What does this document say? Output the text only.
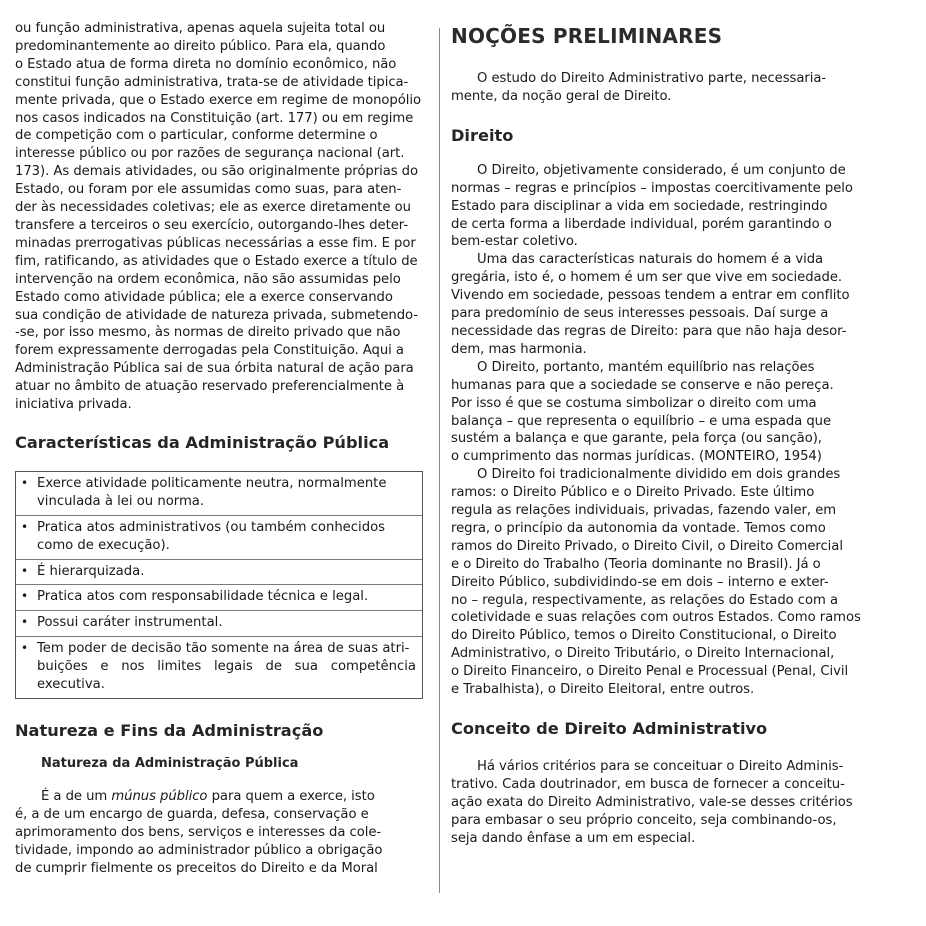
ou função administrativa, apenas aquela sujeita total ou
predominantemente ao direito público. Para ela, quando
o Estado atua de forma direta no domínio econômico, não
constitui função administrativa, trata-se de atividade tipica-
mente privada, que o Estado exerce em regime de monopólio
nos casos indicados na Constituição (art. 177) ou em regime
de competição com o particular, conforme determine o
interesse público ou por razões de segurança nacional (art.
173). As demais atividades, ou são originalmente próprias do
Estado, ou foram por ele assumidas como suas, para aten-
der às necessidades coletivas; ele as exerce diretamente ou
transfere a terceiros o seu exercício, outorgando-lhes deter-
minadas prerrogativas públicas necessárias a esse fim. E por
fim, ratificando, as atividades que o Estado exerce a título de
intervenção na ordem econômica, não são assumidas pelo
Estado como atividade pública; ele a exerce conservando
sua condição de atividade de natureza privada, submetendo-
-se, por isso mesmo, às normas de direito privado que não
forem expressamente derrogadas pela Constituição. Aqui a
Administração Pública sai de sua órbita natural de ação para
atuar no âmbito de atuação reservado preferencialmente à
iniciativa privada.

Características da Administração Pública
• Exerce atividade politicamente neutra, normalmente
vinculada à lei ou norma.
• Pratica atos administrativos (ou também conhecidos
como de execução).
• É hierarquizada.
• Pratica atos com responsabilidade técnica e legal.
• Possui caráter instrumental.
• Tem poder de decisão tão somente na área de suas atri-
buições e nos limites legais de sua competência executiva.
Natureza e Fins da Administração
Natureza da Administração Pública

É a de um múnus público para quem a exerce, isto
é, a de um encargo de guarda, defesa, conservação e
aprimoramento dos bens, serviços e interesses da cole-
tividade, impondo ao administrador público a obrigação
de cumprir fielmente os preceitos do Direito e da Moral

NOÇÕES PRELIMINARES

O estudo do Direito Administrativo parte, necessaria-
mente, da noção geral de Direito.

Direito

O Direito, objetivamente considerado, é um conjunto de
normas – regras e princípios – impostas coercitivamente pelo
Estado para disciplinar a vida em sociedade, restringindo
de certa forma a liberdade individual, porém garantindo o
bem-estar coletivo.

Uma das características naturais do homem é a vida
gregária, isto é, o homem é um ser que vive em sociedade.
Vivendo em sociedade, pessoas tendem a entrar em conflito
para predomínio de seus interesses pessoais. Daí surge a
necessidade das regras de Direito: para que não haja desor-
dem, mas harmonia.

O Direito, portanto, mantém equilíbrio nas relações
humanas para que a sociedade se conserve e não pereça.
Por isso é que se costuma simbolizar o direito com uma
balança – que representa o equilíbrio – e uma espada que
sustém a balança e que garante, pela força (ou sanção),
o cumprimento das normas jurídicas. (MONTEIRO, 1954)

O Direito foi tradicionalmente dividido em dois grandes
ramos: o Direito Público e o Direito Privado. Este último
regula as relações individuais, privadas, fazendo valer, em
regra, o princípio da autonomia da vontade. Temos como
ramos do Direito Privado, o Direito Civil, o Direito Comercial
e o Direito do Trabalho (Teoria dominante no Brasil). Já o
Direito Público, subdividindo-se em dois – interno e exter-
no – regula, respectivamente, as relações do Estado com a
coletividade e suas relações com outros Estados. Como ramos
do Direito Público, temos o Direito Constitucional, o Direito
Administrativo, o Direito Tributário, o Direito Internacional,
o Direito Financeiro, o Direito Penal e Processual (Penal, Civil
e Trabalhista), o Direito Eleitoral, entre outros.

Conceito de Direito Administrativo

Há vários critérios para se conceituar o Direito Adminis-
trativo. Cada doutrinador, em busca de fornecer a conceitu-
ação exata do Direito Administrativo, vale-se desses critérios
para embasar o seu próprio conceito, seja combinando-os,
seja dando ênfase a um em especial.
